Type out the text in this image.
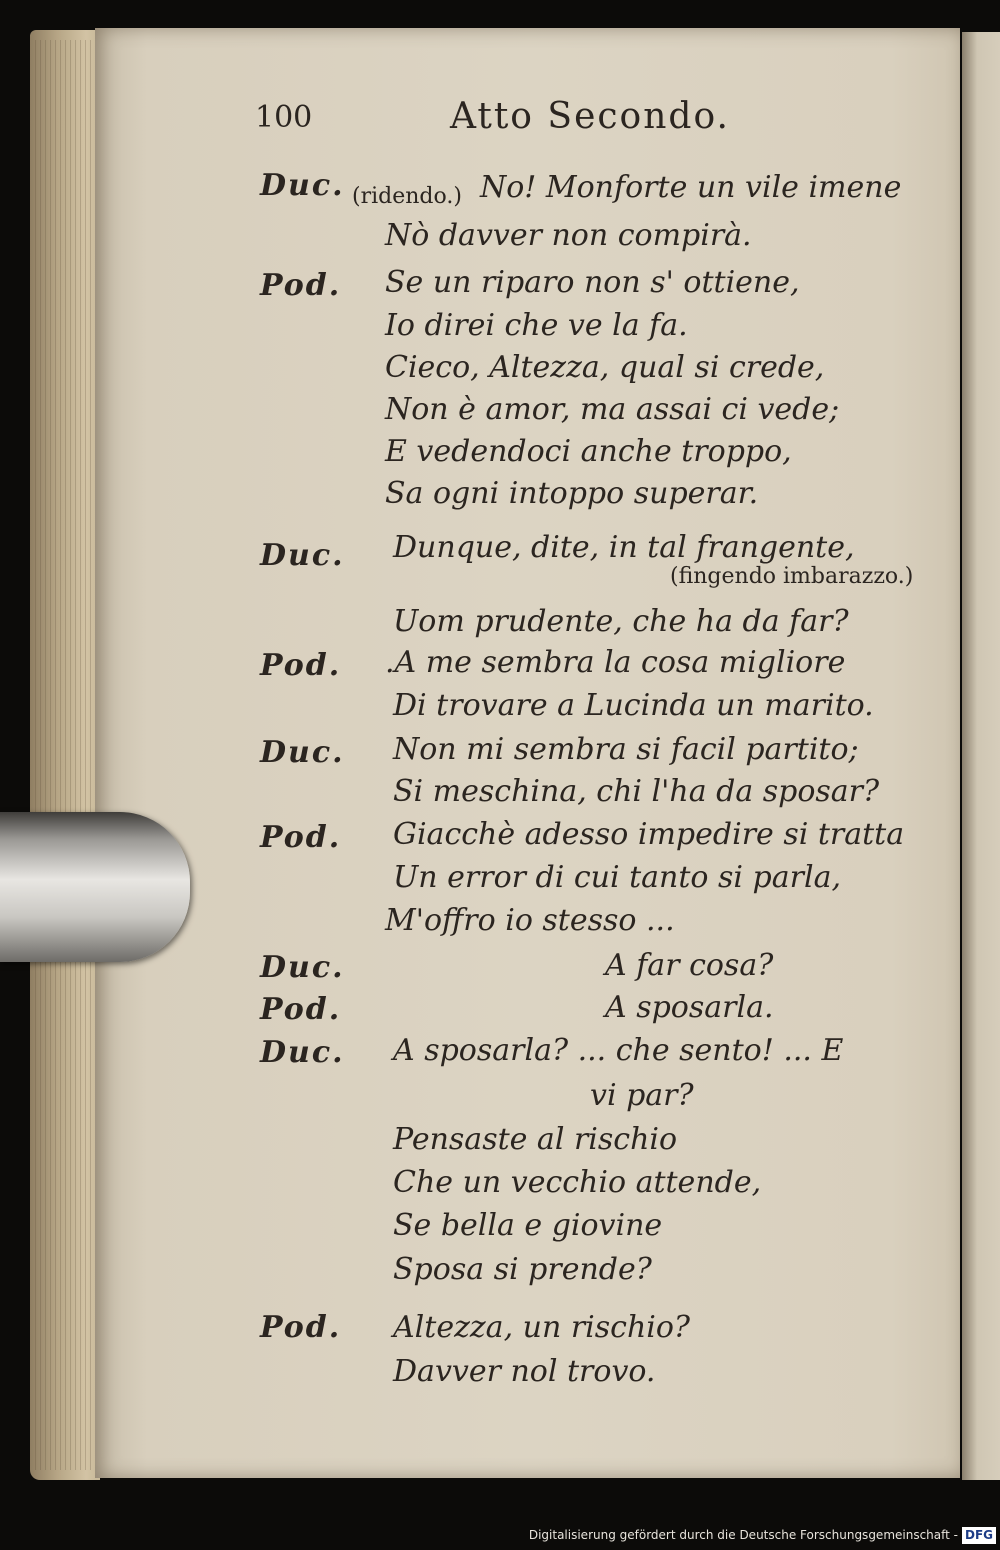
100	Atto Secondo.
Duc.
Pod.
Duc.
Pod.
Duc.
Pod.
Duc.
Pod.
Duc.
Pod.
(ridendo.)
(fingendo imbarazzo.)
No! Monforte un vile imene
Nò davver non compirà.
Se un riparo non s' ottiene,
Io direi che ve la fa.
Cieco, Altezza, qual si crede,
Non è amor, ma assai ci vede;
E vedendoci anche troppo,
Sa ogni intoppo superar.
Dunque, dite, in tal frangente,
Uom prudente, che ha da far?
.A me sembra la cosa migliore
Di trovare a Lucinda un marito.
Non mi sembra si facil partito;
Si meschina, chi l'ha da sposar?
Giacchè adesso impedire si tratta
Un error di cui tanto si parla,
M'offro io stesso ...
A far cosa?
A sposarla.
A sposarla? ... che sento! ... E
vi par?
Pensaste al rischio
Che un vecchio attende,
Se bella e giovine
Sposa si prende?
Altezza, un rischio?
Davver nol trovo.
Digitalisierung gefördert durch die Deutsche Forschungsgemeinschaft - DFG
